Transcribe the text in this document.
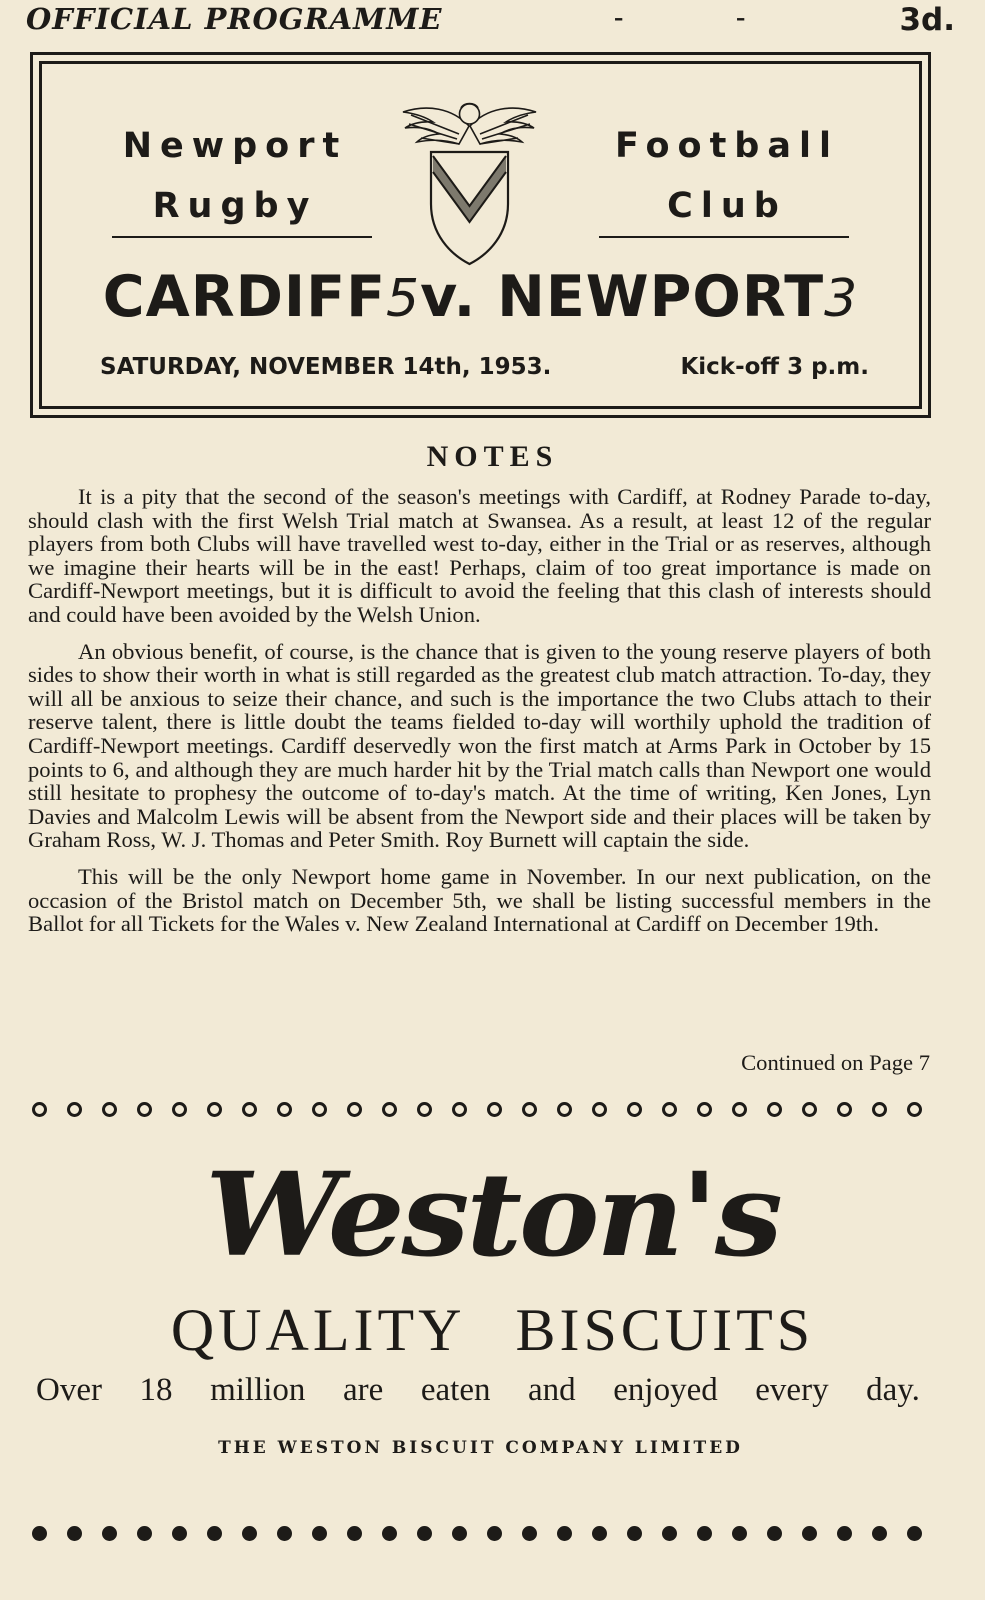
OFFICIAL PROGRAMME	-	-	3d.
Newport
Rugby
Football
Club
CARDIFF5v. NEWPORT3
SATURDAY, NOVEMBER 14th, 1953.	Kick-off 3 p.m.
NOTES

It is a pity that the second of the season's meetings with Cardiff, at Rodney Parade to-day, should clash with the first Welsh Trial match at Swansea. As a result, at least 12 of the regular players from both Clubs will have travelled west to-day, either in the Trial or as reserves, although we imagine their hearts will be in the east! Perhaps, claim of too great importance is made on Cardiff-Newport meetings, but it is difficult to avoid the feeling that this clash of interests should and could have been avoided by the Welsh Union.

An obvious benefit, of course, is the chance that is given to the young reserve players of both sides to show their worth in what is still regarded as the greatest club match attraction. To-day, they will all be anxious to seize their chance, and such is the importance the two Clubs attach to their reserve talent, there is little doubt the teams fielded to-day will worthily uphold the tradition of Cardiff-Newport meetings. Cardiff deservedly won the first match at Arms Park in October by 15 points to 6, and although they are much harder hit by the Trial match calls than Newport one would still hesitate to prophesy the outcome of to-day's match. At the time of writing, Ken Jones, Lyn Davies and Malcolm Lewis will be absent from the Newport side and their places will be taken by Graham Ross, W. J. Thomas and Peter Smith. Roy Burnett will captain the side.

This will be the only Newport home game in November. In our next publication, on the occasion of the Bristol match on December 5th, we shall be listing successful members in the Ballot for all Tickets for the Wales v. New Zealand International at Cardiff on December 19th.

Continued on Page 7
Weston's
QUALITY BISCUITS
Over 18 million are eaten and enjoyed every day.
THE WESTON BISCUIT COMPANY LIMITED
